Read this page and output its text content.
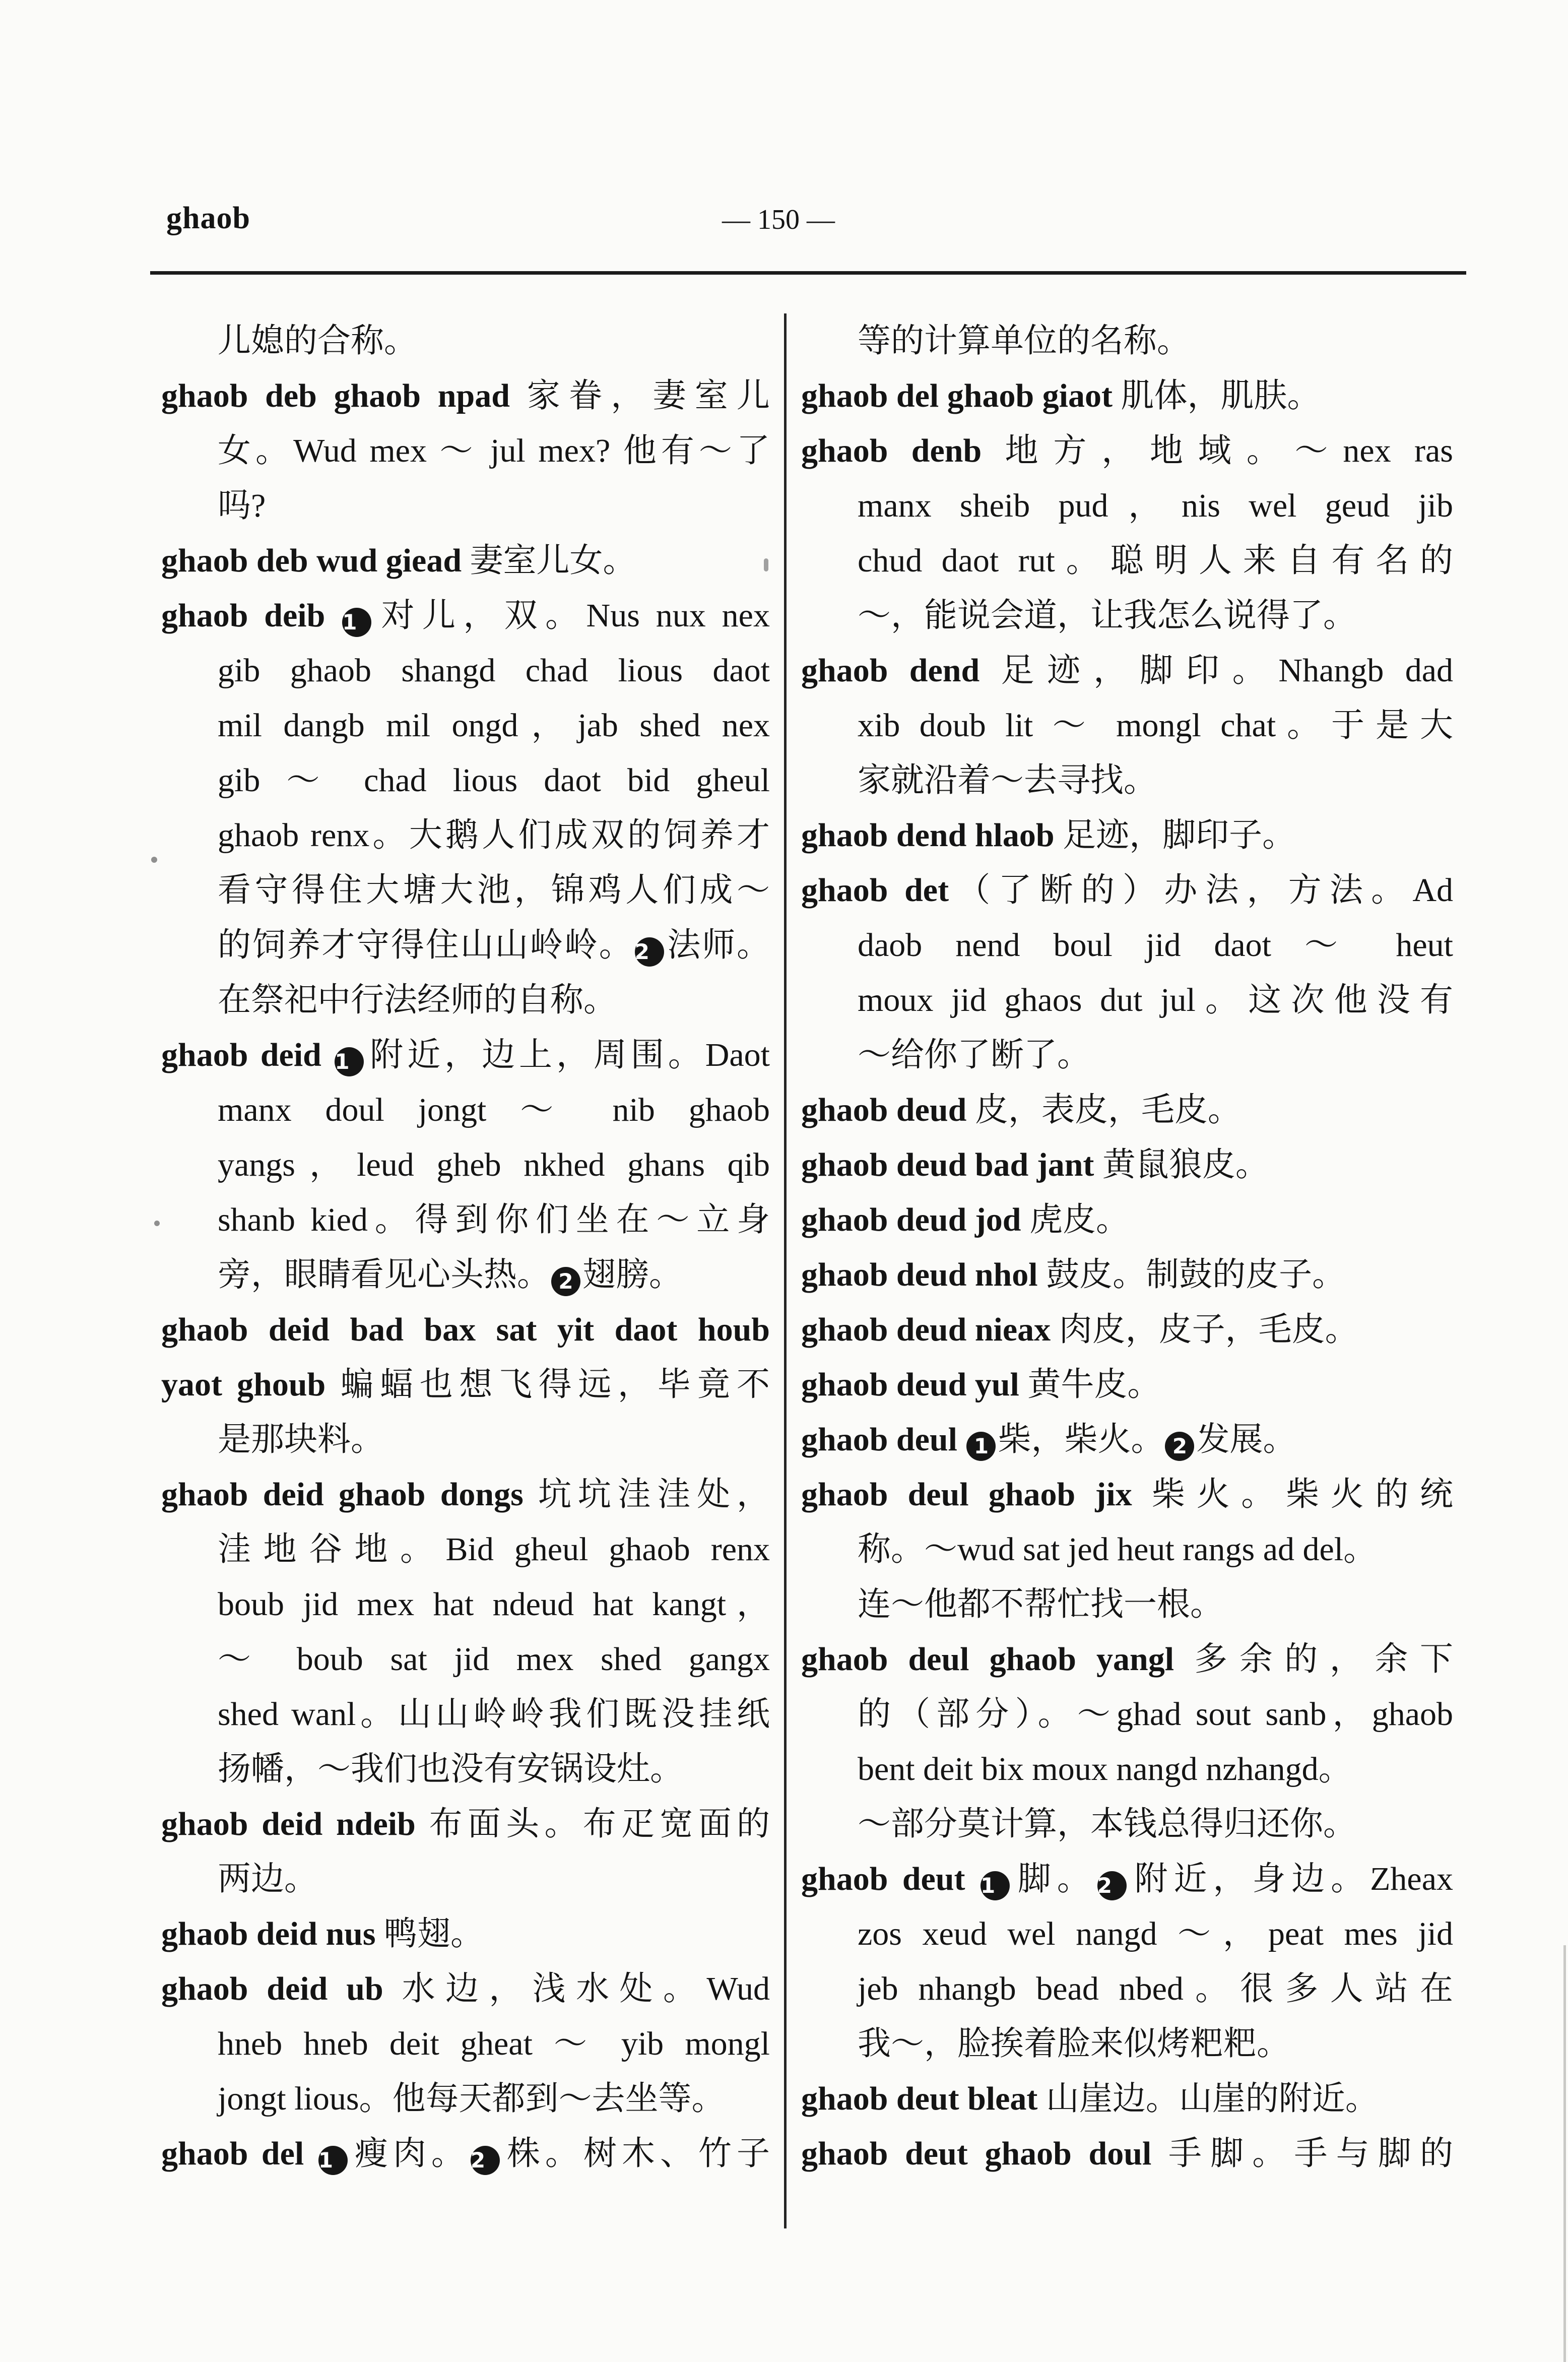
ghaob	— 150 —
儿媳的合称。
ghaob deb ghaob npad 家眷，妻室儿
女。Wud mex ～ jul mex? 他有～了
吗?
ghaob deb wud giead 妻室儿女。
ghaob deib 1 对儿，双。Nus nux nex
gib ghaob shangd chad lious daot
mil dangb mil ongd，jab shed nex
gib ～ chad lious daot bid gheul
ghaob renx。大鹅人们成双的饲养才
看守得住大塘大池，锦鸡人们成～
的饲养才守得住山山岭岭。2 法师。
在祭祀中行法经师的自称。
ghaob deid 1 附近，边上，周围。Daot
manx doul jongt ～ nib ghaob
yangs，leud gheb nkhed ghans qib
shanb kied。得到你们坐在～立身
旁，眼睛看见心头热。 2 翅膀。
ghaob deid bad bax sat yit daot houb
yaot ghoub 蝙蝠也想飞得远，毕竟不
是那块料。
ghaob deid ghaob dongs 坑坑洼洼处，
洼地谷地。Bid gheul ghaob renx
boub jid mex hat ndeud hat kangt，
～ boub sat jid mex shed gangx
shed wanl。山山岭岭我们既没挂纸
扬幡，～我们也没有安锅设灶。
ghaob deid ndeib 布面头。布疋宽面的
两边。
ghaob deid nus 鸭翅。
ghaob deid ub 水边，浅水处。Wud
hneb hneb deit gheat ～ yib mongl
jongt lious。他每天都到～去坐等。
ghaob del 1 瘦肉。2 株。树木、竹子
等的计算单位的名称。
ghaob del ghaob giaot 肌体，肌肤。
ghaob denb 地方，地域。～nex ras
manx sheib pud，nis wel geud jib
chud daot rut。聪明人来自有名的
～，能说会道，让我怎么说得了。
ghaob dend 足迹，脚印。Nhangb dad
xib doub lit ～ mongl chat。于是大
家就沿着～去寻找。
ghaob dend hlaob 足迹，脚印子。
ghaob det（了断的）办法，方法。Ad
daob nend boul jid daot ～ heut
moux jid ghaos dut jul。这次他没有
～给你了断了。
ghaob deud 皮，表皮，毛皮。
ghaob deud bad jant 黄鼠狼皮。
ghaob deud jod 虎皮。
ghaob deud nhol 鼓皮。制鼓的皮子。
ghaob deud nieax 肉皮，皮子，毛皮。
ghaob deud yul 黄牛皮。
ghaob deul 1 柴，柴火。 2 发展。
ghaob deul ghaob jix 柴火。柴火的统
称。～wud sat jed heut rangs ad del。
连～他都不帮忙找一根。
ghaob deul ghaob yangl 多余的，余下
的（部分）。～ghad sout sanb，ghaob
bent deit bix moux nangd nzhangd。
～部分莫计算，本钱总得归还你。
ghaob deut 1 脚。2 附近，身边。Zheax
zos xeud wel nangd ～，peat mes jid
jeb nhangb bead nbed。很多人站在
我～，脸挨着脸来似烤粑粑。
ghaob deut bleat 山崖边。山崖的附近。
ghaob deut ghaob doul 手脚。手与脚的
